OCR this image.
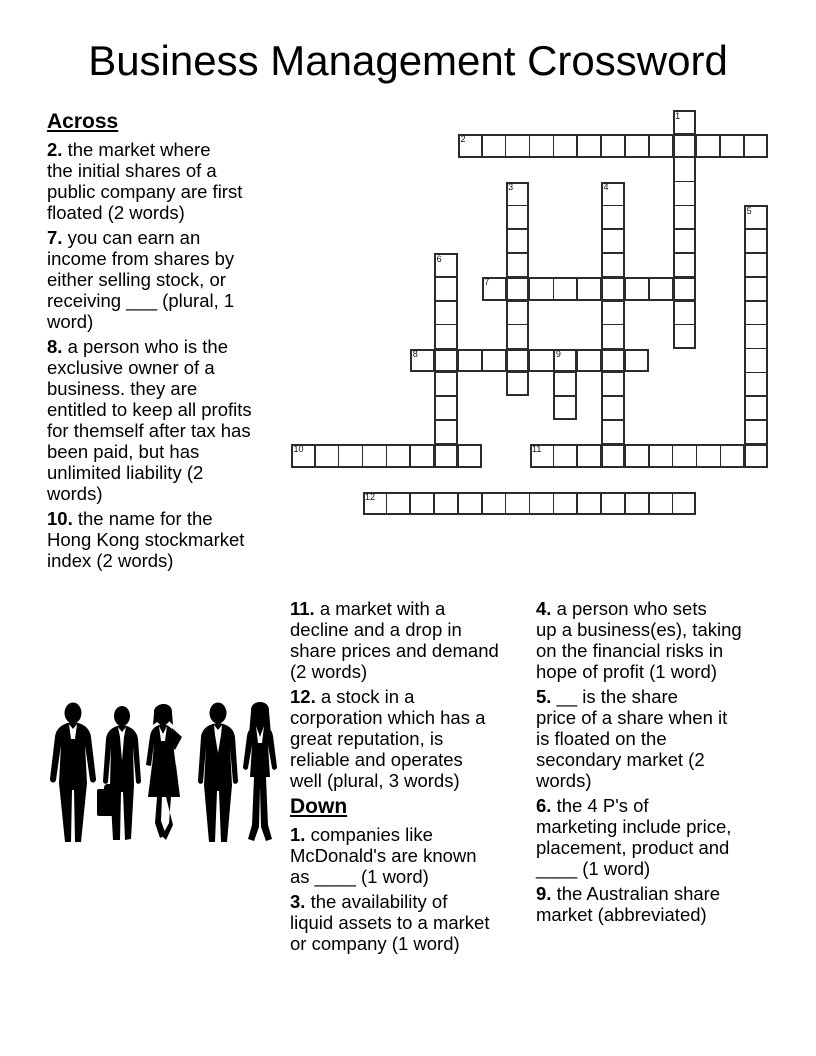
Business Management Crossword
1
2
3	4
5
6
7
8	9
10	11
12
Across

2. the market where
the initial shares of a
public company are first
floated (2 words)

7. you can earn an
income from shares by
either selling stock, or
receiving ___ (plural, 1
word)

8. a person who is the
exclusive owner of a
business. they are
entitled to keep all profits
for themself after tax has
been paid, but has
unlimited liability (2
words)

10. the name for the
Hong Kong stockmarket
index (2 words)

11. a market with a
decline and a drop in
share prices and demand
(2 words)

12. a stock in a
corporation which has a
great reputation, is
reliable and operates
well (plural, 3 words)

Down

1. companies like
McDonald's are known
as ____ (1 word)

3. the availability of
liquid assets to a market
or company (1 word)

4. a person who sets
up a business(es), taking
on the financial risks in
hope of profit (1 word)

5. __ is the share
price of a share when it
is floated on the
secondary market (2
words)

6. the 4 P's of
marketing include price,
placement, product and
____ (1 word)

9. the Australian share
market (abbreviated)
